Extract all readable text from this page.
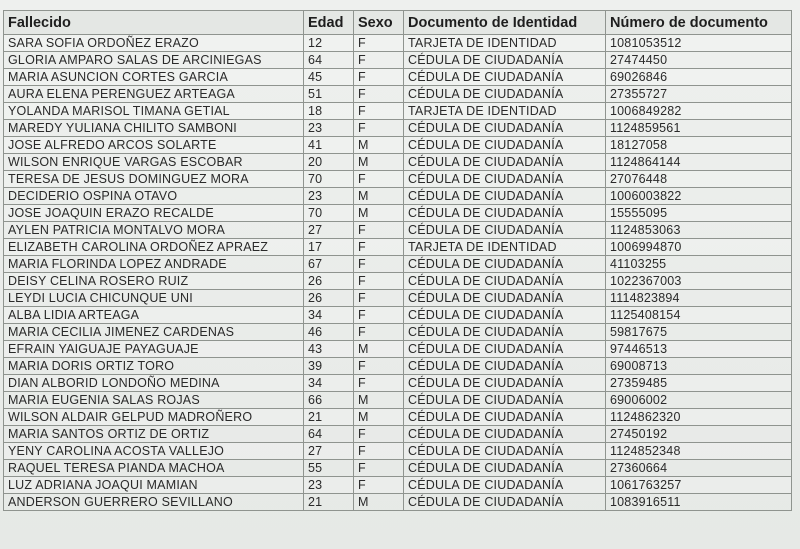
Fallecido	Edad	Sexo	Documento de Identidad	Número de documento
SARA SOFIA ORDOÑEZ ERAZO	12	F	TARJETA DE IDENTIDAD	1081053512
GLORIA AMPARO SALAS DE ARCINIEGAS	64	F	CÉDULA DE CIUDADANÍA	27474450
MARIA ASUNCION CORTES GARCIA	45	F	CÉDULA DE CIUDADANÍA	69026846
AURA ELENA PERENGUEZ ARTEAGA	51	F	CÉDULA DE CIUDADANÍA	27355727
YOLANDA MARISOL TIMANA GETIAL	18	F	TARJETA DE IDENTIDAD	1006849282
MAREDY YULIANA CHILITO SAMBONI	23	F	CÉDULA DE CIUDADANÍA	1124859561
JOSE ALFREDO ARCOS SOLARTE	41	M	CÉDULA DE CIUDADANÍA	18127058
WILSON ENRIQUE VARGAS ESCOBAR	20	M	CÉDULA DE CIUDADANÍA	1124864144
TERESA DE JESUS DOMINGUEZ MORA	70	F	CÉDULA DE CIUDADANÍA	27076448
DECIDERIO OSPINA OTAVO	23	M	CÉDULA DE CIUDADANÍA	1006003822
JOSE JOAQUIN ERAZO RECALDE	70	M	CÉDULA DE CIUDADANÍA	15555095
AYLEN PATRICIA MONTALVO MORA	27	F	CÉDULA DE CIUDADANÍA	1124853063
ELIZABETH CAROLINA ORDOÑEZ APRAEZ	17	F	TARJETA DE IDENTIDAD	1006994870
MARIA FLORINDA LOPEZ ANDRADE	67	F	CÉDULA DE CIUDADANÍA	41103255
DEISY CELINA ROSERO RUIZ	26	F	CÉDULA DE CIUDADANÍA	1022367003
LEYDI LUCIA CHICUNQUE UNI	26	F	CÉDULA DE CIUDADANÍA	1114823894
ALBA LIDIA ARTEAGA	34	F	CÉDULA DE CIUDADANÍA	1125408154
MARIA CECILIA JIMENEZ CARDENAS	46	F	CÉDULA DE CIUDADANÍA	59817675
EFRAIN YAIGUAJE PAYAGUAJE	43	M	CÉDULA DE CIUDADANÍA	97446513
MARIA DORIS ORTIZ TORO	39	F	CÉDULA DE CIUDADANÍA	69008713
DIAN ALBORID LONDOÑO MEDINA	34	F	CÉDULA DE CIUDADANÍA	27359485
MARIA EUGENIA SALAS ROJAS	66	M	CÉDULA DE CIUDADANÍA	69006002
WILSON ALDAIR GELPUD MADROÑERO	21	M	CÉDULA DE CIUDADANÍA	1124862320
MARIA SANTOS ORTIZ DE ORTIZ	64	F	CÉDULA DE CIUDADANÍA	27450192
YENY CAROLINA ACOSTA VALLEJO	27	F	CÉDULA DE CIUDADANÍA	1124852348
RAQUEL TERESA PIANDA MACHOA	55	F	CÉDULA DE CIUDADANÍA	27360664
LUZ ADRIANA JOAQUI MAMIAN	23	F	CÉDULA DE CIUDADANÍA	1061763257
ANDERSON GUERRERO SEVILLANO	21	M	CÉDULA DE CIUDADANÍA	1083916511
